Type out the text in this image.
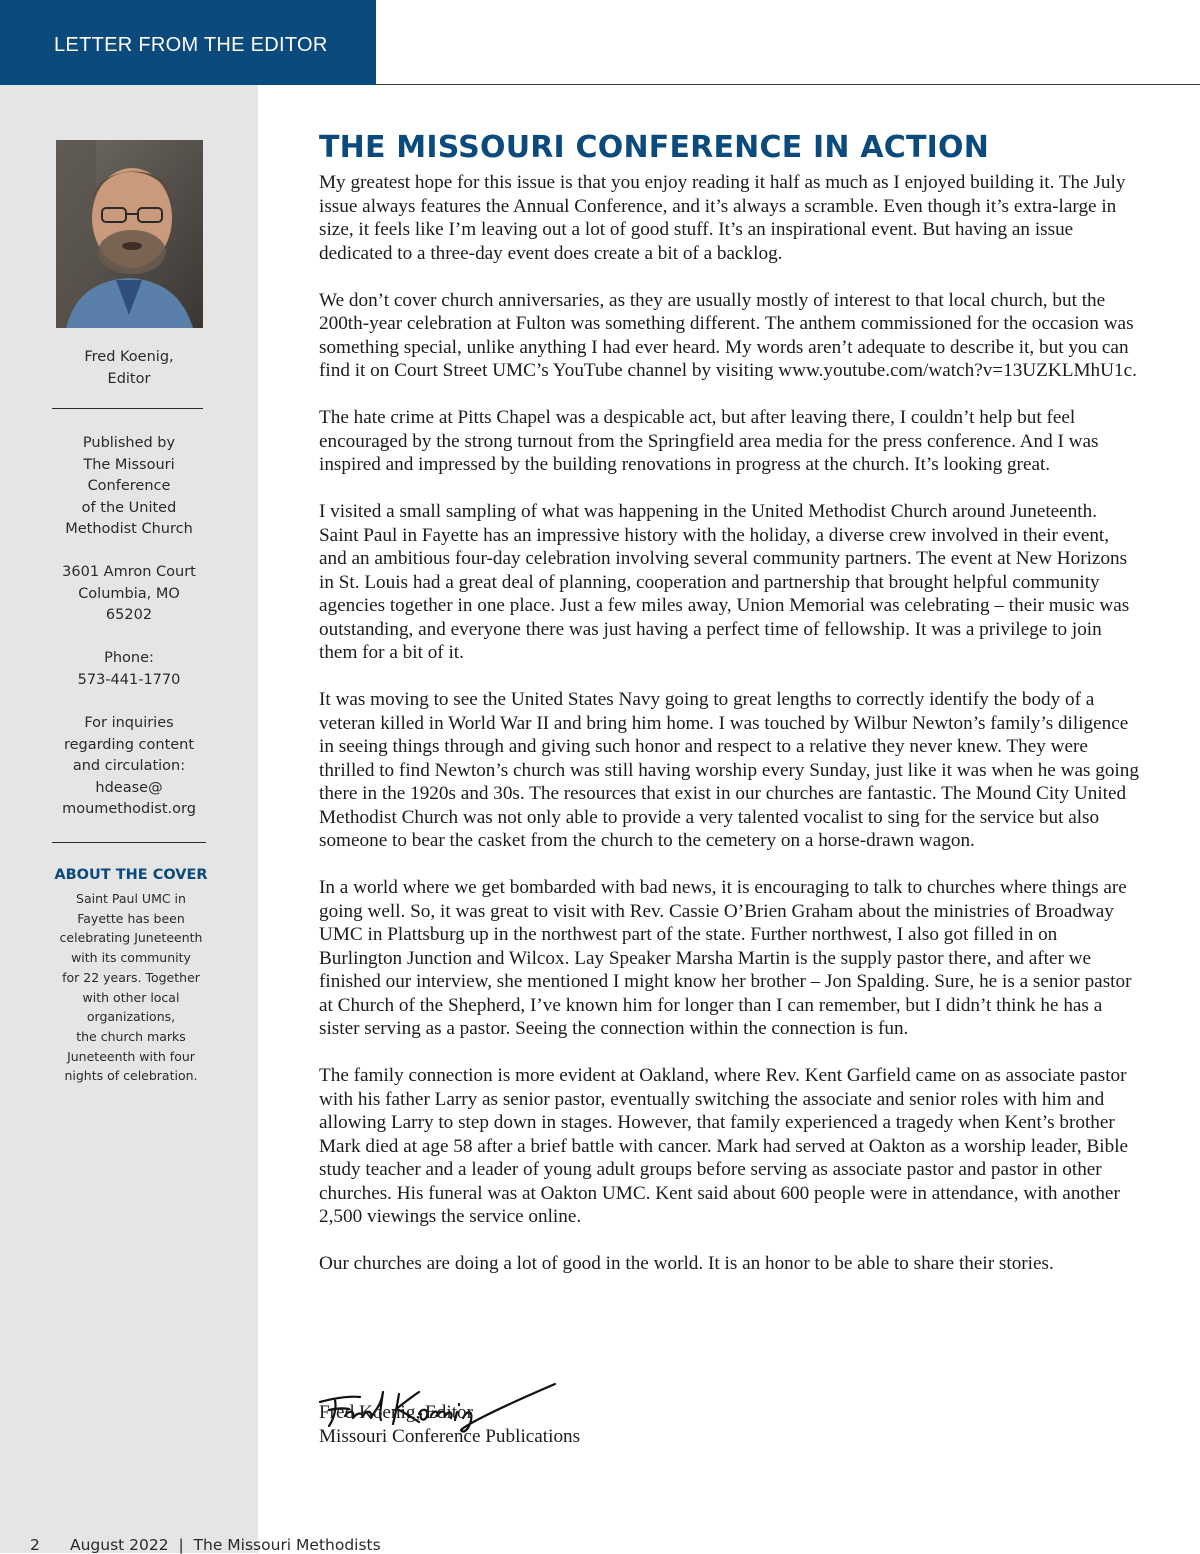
LETTER FROM THE EDITOR
Fred Koenig,
Editor
Published by
The Missouri
Conference
of the United
Methodist Church
3601 Amron Court
Columbia, MO
65202
Phone:
573-441-1770
For inquiries
regarding content
and circulation:
hdease@
moumethodist.org
ABOUT THE COVER
Saint Paul UMC in
Fayette has been
celebrating Juneteenth
with its community
for 22 years. Together
with other local
organizations,
the church marks
Juneteenth with four
nights of celebration.
THE MISSOURI CONFERENCE IN ACTION

My greatest hope for this issue is that you enjoy reading it half as much as I enjoyed building it. The July issue always features the Annual Conference, and it’s always a scramble. Even though it’s extra-large in size, it feels like I’m leaving out a lot of good stuff. It’s an inspirational event. But having an issue dedicated to a three-day event does create a bit of a backlog.

We don’t cover church anniversaries, as they are usually mostly of interest to that local church, but the 200th-year celebration at Fulton was something different. The anthem commissioned for the occasion was something special, unlike anything I had ever heard. My words aren’t adequate to describe it, but you can find it on Court Street UMC’s YouTube channel by visiting www.youtube.com/watch?v=13UZKLMhU1c.

The hate crime at Pitts Chapel was a despicable act, but after leaving there, I couldn’t help but feel encouraged by the strong turnout from the Springfield area media for the press conference. And I was inspired and impressed by the building renovations in progress at the church. It’s looking great.

I visited a small sampling of what was happening in the United Methodist Church around Juneteenth. Saint Paul in Fayette has an impressive history with the holiday, a diverse crew involved in their event, and an ambitious four-day celebration involving several community partners. The event at New Horizons in St. Louis had a great deal of planning, cooperation and partnership that brought helpful community agencies together in one place. Just a few miles away, Union Memorial was celebrating – their music was outstanding, and everyone there was just having a perfect time of fellowship. It was a privilege to join them for a bit of it.

It was moving to see the United States Navy going to great lengths to correctly identify the body of a veteran killed in World War II and bring him home. I was touched by Wilbur Newton’s family’s diligence in seeing things through and giving such honor and respect to a relative they never knew. They were thrilled to find Newton’s church was still having worship every Sunday, just like it was when he was going there in the 1920s and 30s. The resources that exist in our churches are fantastic. The Mound City United Methodist Church was not only able to provide a very talented vocalist to sing for the service but also someone to bear the casket from the church to the cemetery on a horse-drawn wagon.

In a world where we get bombarded with bad news, it is encouraging to talk to churches where things are going well. So, it was great to visit with Rev. Cassie O’Brien Graham about the ministries of Broadway UMC in Plattsburg up in the northwest part of the state. Further northwest, I also got filled in on Burlington Junction and Wilcox. Lay Speaker Marsha Martin is the supply pastor there, and after we finished our interview, she mentioned I might know her brother – Jon Spalding. Sure, he is a senior pastor at Church of the Shepherd, I’ve known him for longer than I can remember, but I didn’t think he has a sister serving as a pastor. Seeing the connection within the connection is fun.

The family connection is more evident at Oakland, where Rev. Kent Garfield came on as associate pastor with his father Larry as senior pastor, eventually switching the associate and senior roles with him and allowing Larry to step down in stages. However, that family experienced a tragedy when Kent’s brother Mark died at age 58 after a brief battle with cancer. Mark had served at Oakton as a worship leader, Bible study teacher and a leader of young adult groups before serving as associate pastor and pastor in other churches. His funeral was at Oakton UMC. Kent said about 600 people were in attendance, with another 2,500 viewings the service online.

Our churches are doing a lot of good in the world. It is an honor to be able to share their stories.

Fred Koenig, Editor
Missouri Conference Publications
2 August 2022  |  The Missouri Methodists
